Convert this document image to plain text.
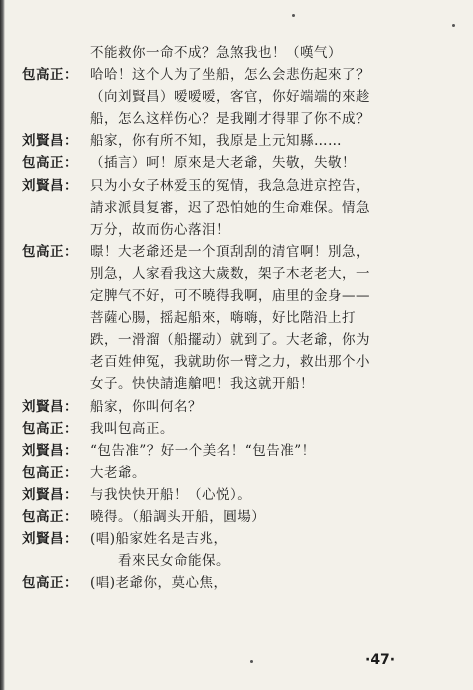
不能救你一命不成？急煞我也！（嘆气）
包高正： 哈哈！这个人为了坐船，怎么会悲伤起來了？
（向刘賢昌）嗳嗳嗳，客官，你好端端的來趁
船，怎么这样伤心？是我剛才得罪了你不成？
刘賢昌： 船家，你有所不知，我原是上元知縣……
包高正： （插言）呵！原來是大老爺，失敬，失敬！
刘賢昌： 只为小女子林爱玉的冤情，我急急进京控告，
請求派員复審，迟了恐怕她的生命难保。情急
万分，故而伤心落泪！
包高正： 暻！大老爺还是一个頂刮刮的清官啊！別急，
別急，人家看我这大歲数，架子木老老大，一
定脾气不好，可不曉得我啊，庙里的金身——
菩薩心腸，摇起船來，嗨嗨，好比階沿上打
跌，一滑溜（船擺动）就到了。大老爺，你为
老百姓伸冤，我就助你一臂之力，救出那个小
女子。快快請進艙吧！我这就开船！
刘賢昌： 船家，你叫何名？
包高正： 我叫包高正。
刘賢昌： “包告准”？好一个美名！“包告准”！
包高正： 大老爺。
刘賢昌： 与我快快开船！（心悦）。
包高正： 曉得。（船調头开船，圓場）
刘賢昌： (唱)船家姓名是吉兆，
看來民女命能保。
包高正： (唱)老爺你，莫心焦，
·47·
